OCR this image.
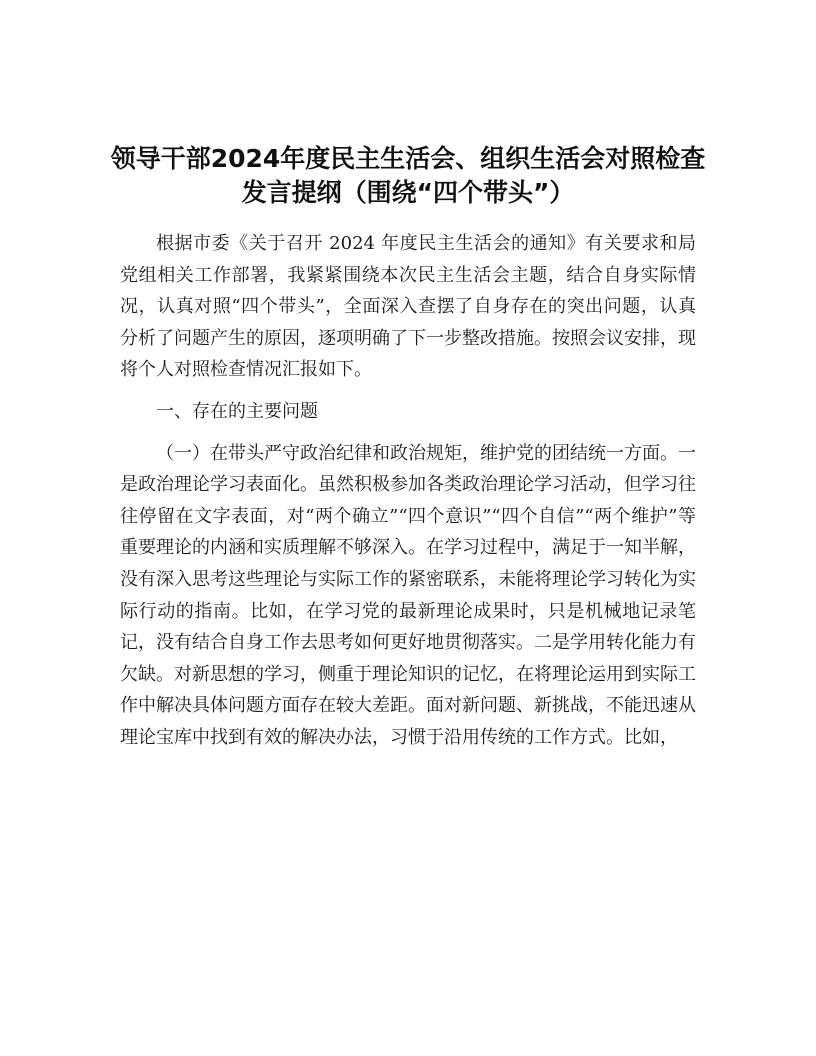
领导干部2024年度民主生活会、组织生活会对照检查发言提纲（围绕“四个带头”）

根据市委《关于召开 2024 年度民主生活会的通知》有关要求和局党组相关工作部署，我紧紧围绕本次民主生活会主题，结合自身实际情况，认真对照“四个带头”，全面深入查摆了自身存在的突出问题，认真分析了问题产生的原因，逐项明确了下一步整改措施。按照会议安排，现将个人对照检查情况汇报如下。

一、存在的主要问题

（一）在带头严守政治纪律和政治规矩，维护党的团结统一方面。一是政治理论学习表面化。虽然积极参加各类政治理论学习活动，但学习往往停留在文字表面，对“两个确立”“四个意识”“四个自信”“两个维护”等重要理论的内涵和实质理解不够深入。在学习过程中，满足于一知半解，没有深入思考这些理论与实际工作的紧密联系，未能将理论学习转化为实际行动的指南。比如，在学习党的最新理论成果时，只是机械地记录笔记，没有结合自身工作去思考如何更好地贯彻落实。二是学用转化能力有欠缺。对新思想的学习，侧重于理论知识的记忆，在将理论运用到实际工作中解决具体问题方面存在较大差距。面对新问题、新挑战，不能迅速从理论宝库中找到有效的解决办法，习惯于沿用传统的工作方式。比如，
